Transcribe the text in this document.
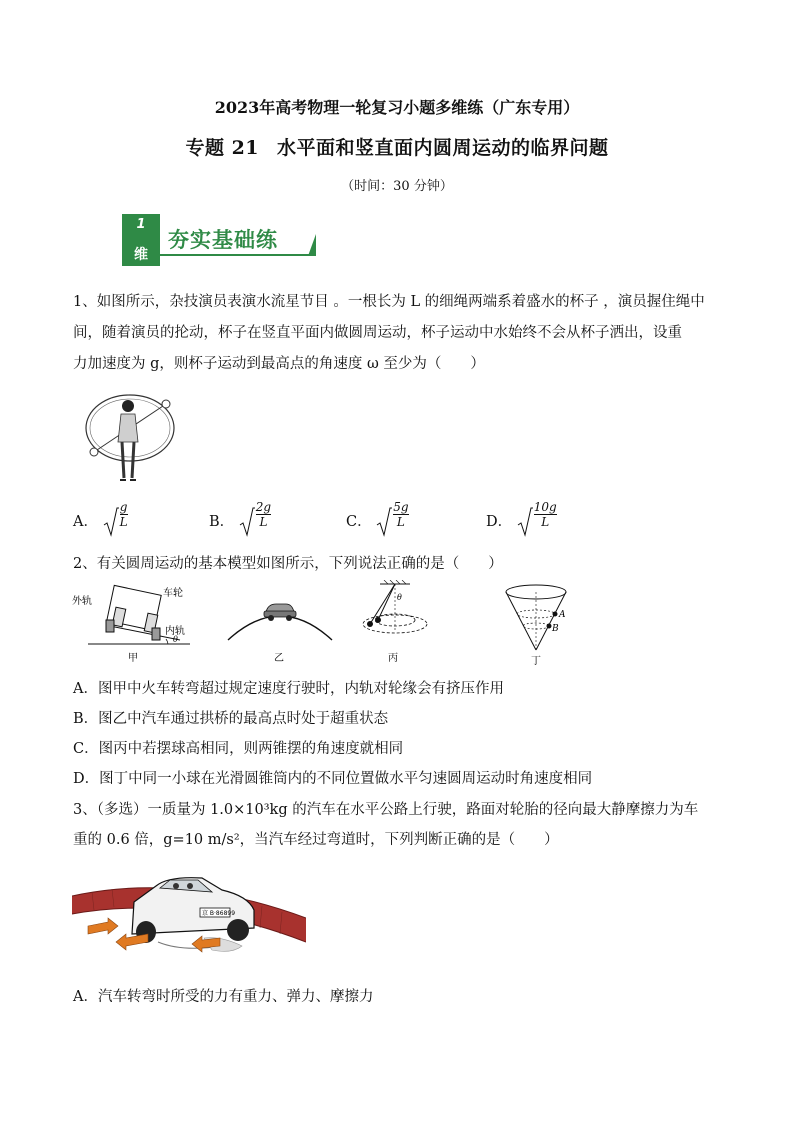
2023年高考物理一轮复习小题多维练（广东专用）
专题 21 水平面和竖直面内圆周运动的临界问题
（时间：30 分钟）
1
维
夯实基础练
1、如图所示，杂技演员表演水流星节目 。一根长为 L 的细绳两端系着盛水的杯子 ，演员握住绳中
间，随着演员的抡动，杯子在竖直平面内做圆周运动，杯子运动中水始终不会从杯子洒出，设重
力加速度为 g，则杯子运动到最高点的角速度 ω 至少为（　　）
A． $\frac{g}{L}$	B． $\frac{2g}{L}$	C． $\frac{5g}{L}$	D． $\frac{10g}{L}$
2、有关圆周运动的基本模型如图所示，下列说法正确的是（　　）
外轨
车轮
内轨
θ
甲	乙
θ
丙
A
B
丁
A．图甲中火车转弯超过规定速度行驶时，内轨对轮缘会有挤压作用
B．图乙中汽车通过拱桥的最高点时处于超重状态
C．图丙中若摆球高相同，则两锥摆的角速度就相同
D．图丁中同一小球在光滑圆锥筒内的不同位置做水平匀速圆周运动时角速度相同
3、（多选）一质量为 1.0×10³kg 的汽车在水平公路上行驶，路面对轮胎的径向最大静摩擦力为车
重的 0.6 倍，g=10 m/s²，当汽车经过弯道时，下列判断正确的是（　　）
京 B·86899
A．汽车转弯时所受的力有重力、弹力、摩擦力
